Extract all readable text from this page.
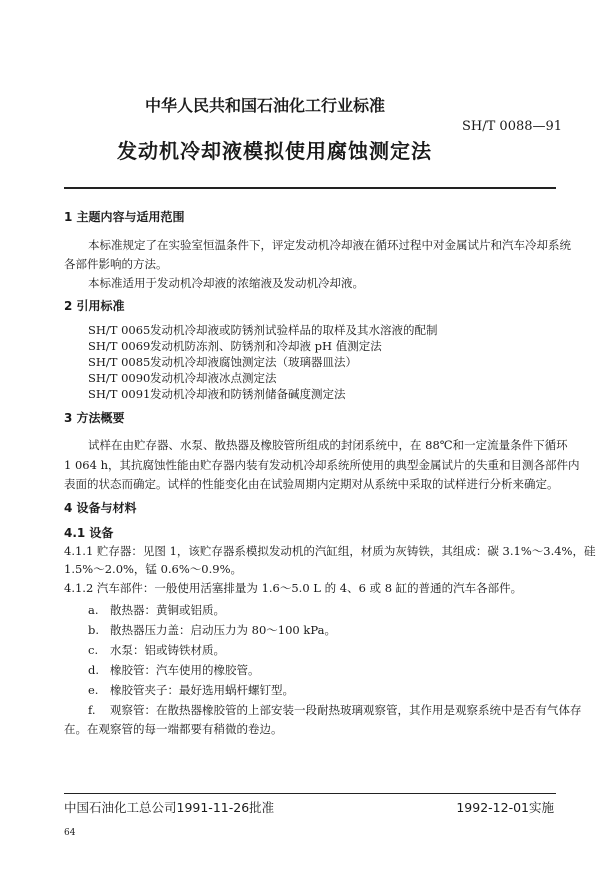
中华人民共和国石油化工行业标准
SH/T 0088—91
发动机冷却液模拟使用腐蚀测定法
1 主题内容与适用范围
本标准规定了在实验室恒温条件下，评定发动机冷却液在循环过程中对金属试片和汽车冷却系统
各部件影响的方法。
本标准适用于发动机冷却液的浓缩液及发动机冷却液。
2 引用标准
SH/T 0065发动机冷却液或防锈剂试验样品的取样及其水溶液的配制
SH/T 0069发动机防冻剂、防锈剂和冷却液 pH 值测定法
SH/T 0085发动机冷却液腐蚀测定法（玻璃器皿法）
SH/T 0090发动机冷却液冰点测定法
SH/T 0091发动机冷却液和防锈剂储备碱度测定法
3 方法概要
试样在由贮存器、水泵、散热器及橡胶管所组成的封闭系统中，在 88℃和一定流量条件下循环
1 064 h，其抗腐蚀性能由贮存器内装有发动机冷却系统所使用的典型金属试片的失重和目测各部件内
表面的状态而确定。试样的性能变化由在试验周期内定期对从系统中采取的试样进行分析来确定。
4 设备与材料
4.1 设备
4.1.1 贮存器：见图 1，该贮存器系模拟发动机的汽缸组，材质为灰铸铁，其组成：碳 3.1%～3.4%，硅
1.5%～2.0%，锰 0.6%～0.9%。
4.1.2 汽车部件：一般使用活塞排量为 1.6～5.0 L 的 4、6 或 8 缸的普通的汽车各部件。
a. 散热器：黄铜或铝质。
b. 散热器压力盖：启动压力为 80～100 kPa。
c. 水泵：铝或铸铁材质。
d. 橡胶管：汽车使用的橡胶管。
e. 橡胶管夹子：最好选用蜗杆螺钉型。
f. 观察管：在散热器橡胶管的上部安装一段耐热玻璃观察管，其作用是观察系统中是否有气体存
在。在观察管的每一端都要有稍微的卷边。
中国石油化工总公司1991-11-26批准	1992-12-01实施
64
